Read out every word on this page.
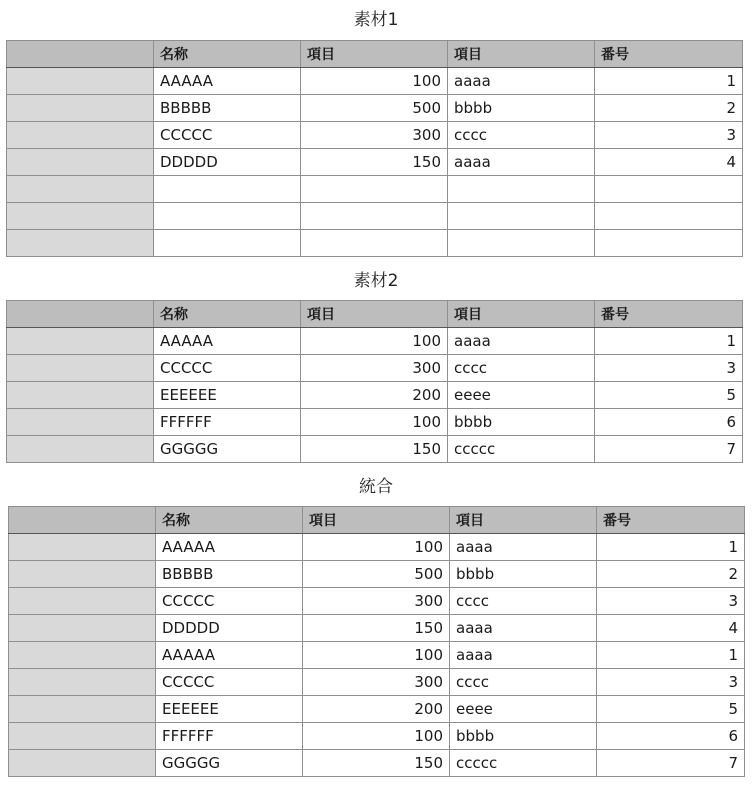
素材1
	名称	項目	項目	番号
	AAAAA	100	aaaa	1
	BBBBB	500	bbbb	2
	CCCCC	300	cccc	3
	DDDDD	150	aaaa	4

素材2
	名称	項目	項目	番号
	AAAAA	100	aaaa	1
	CCCCC	300	cccc	3
	EEEEEE	200	eeee	5
	FFFFFF	100	bbbb	6
	GGGGG	150	ccccc	7
統合
	名称	項目	項目	番号
	AAAAA	100	aaaa	1
	BBBBB	500	bbbb	2
	CCCCC	300	cccc	3
	DDDDD	150	aaaa	4
	AAAAA	100	aaaa	1
	CCCCC	300	cccc	3
	EEEEEE	200	eeee	5
	FFFFFF	100	bbbb	6
	GGGGG	150	ccccc	7
